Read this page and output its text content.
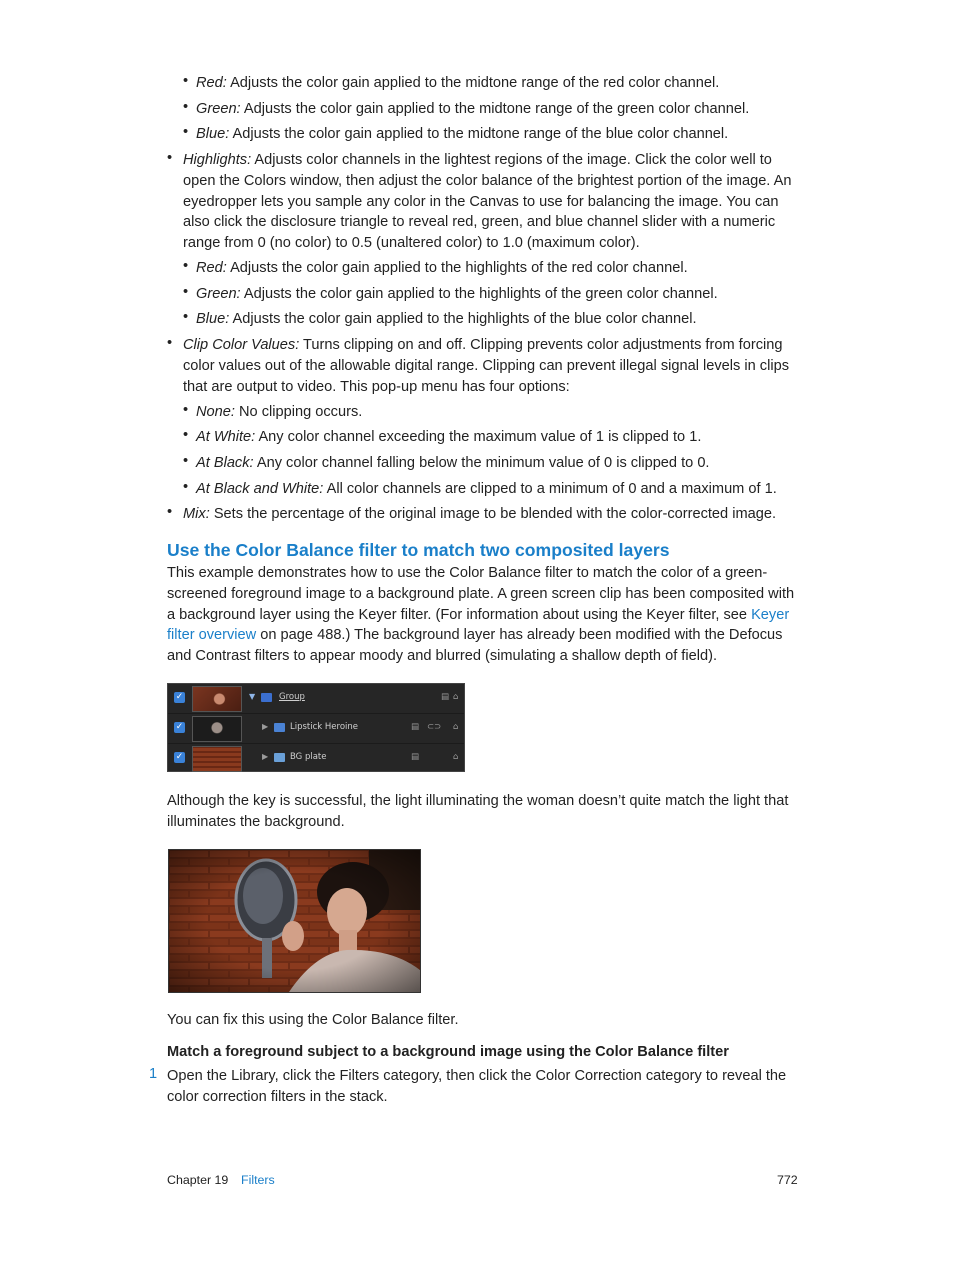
• Red: Adjusts the color gain applied to the midtone range of the red color channel.
• Green: Adjusts the color gain applied to the midtone range of the green color channel.
• Blue: Adjusts the color gain applied to the midtone range of the blue color channel.
• Highlights: Adjusts color channels in the lightest regions of the image. Click the color well to open the Colors window, then adjust the color balance of the brightest portion of the image. An eyedropper lets you sample any color in the Canvas to use for balancing the image. You can also click the disclosure triangle to reveal red, green, and blue channel slider with a numeric range from 0 (no color) to 0.5 (unaltered color) to 1.0 (maximum color).
• Red: Adjusts the color gain applied to the highlights of the red color channel.
• Green: Adjusts the color gain applied to the highlights of the green color channel.
• Blue: Adjusts the color gain applied to the highlights of the blue color channel.
• Clip Color Values: Turns clipping on and off. Clipping prevents color adjustments from forcing color values out of the allowable digital range. Clipping can prevent illegal signal levels in clips that are output to video. This pop-up menu has four options:
• None: No clipping occurs.
• At White: Any color channel exceeding the maximum value of 1 is clipped to 1.
• At Black: Any color channel falling below the minimum value of 0 is clipped to 0.
• At Black and White: All color channels are clipped to a minimum of 0 and a maximum of 1.
• Mix: Sets the percentage of the original image to be blended with the color-corrected image.
Use the Color Balance filter to match two composited layers

This example demonstrates how to use the Color Balance filter to match the color of a green-screened foreground image to a background plate. A green screen clip has been composited with a background layer using the Keyer filter. (For information about using the Keyer filter, see Keyer filter overview on page 488.) The background layer has already been modified with the Defocus and Contrast filters to appear moody and blurred (simulating a shallow depth of field).

✓	▼	Group	▤ ⌂
✓	▶	Lipstick Heroine	▤ ⊂⊃ ⌂
✓	▶	BG plate	▤	⌂

Although the key is successful, the light illuminating the woman doesn’t quite match the light that illuminates the background.

You can fix this using the Color Balance filter.

Match a foreground subject to a background image using the Color Balance filter
1 Open the Library, click the Filters category, then click the Color Correction category to reveal the color correction filters in the stack.

Chapter 19 Filters	772
